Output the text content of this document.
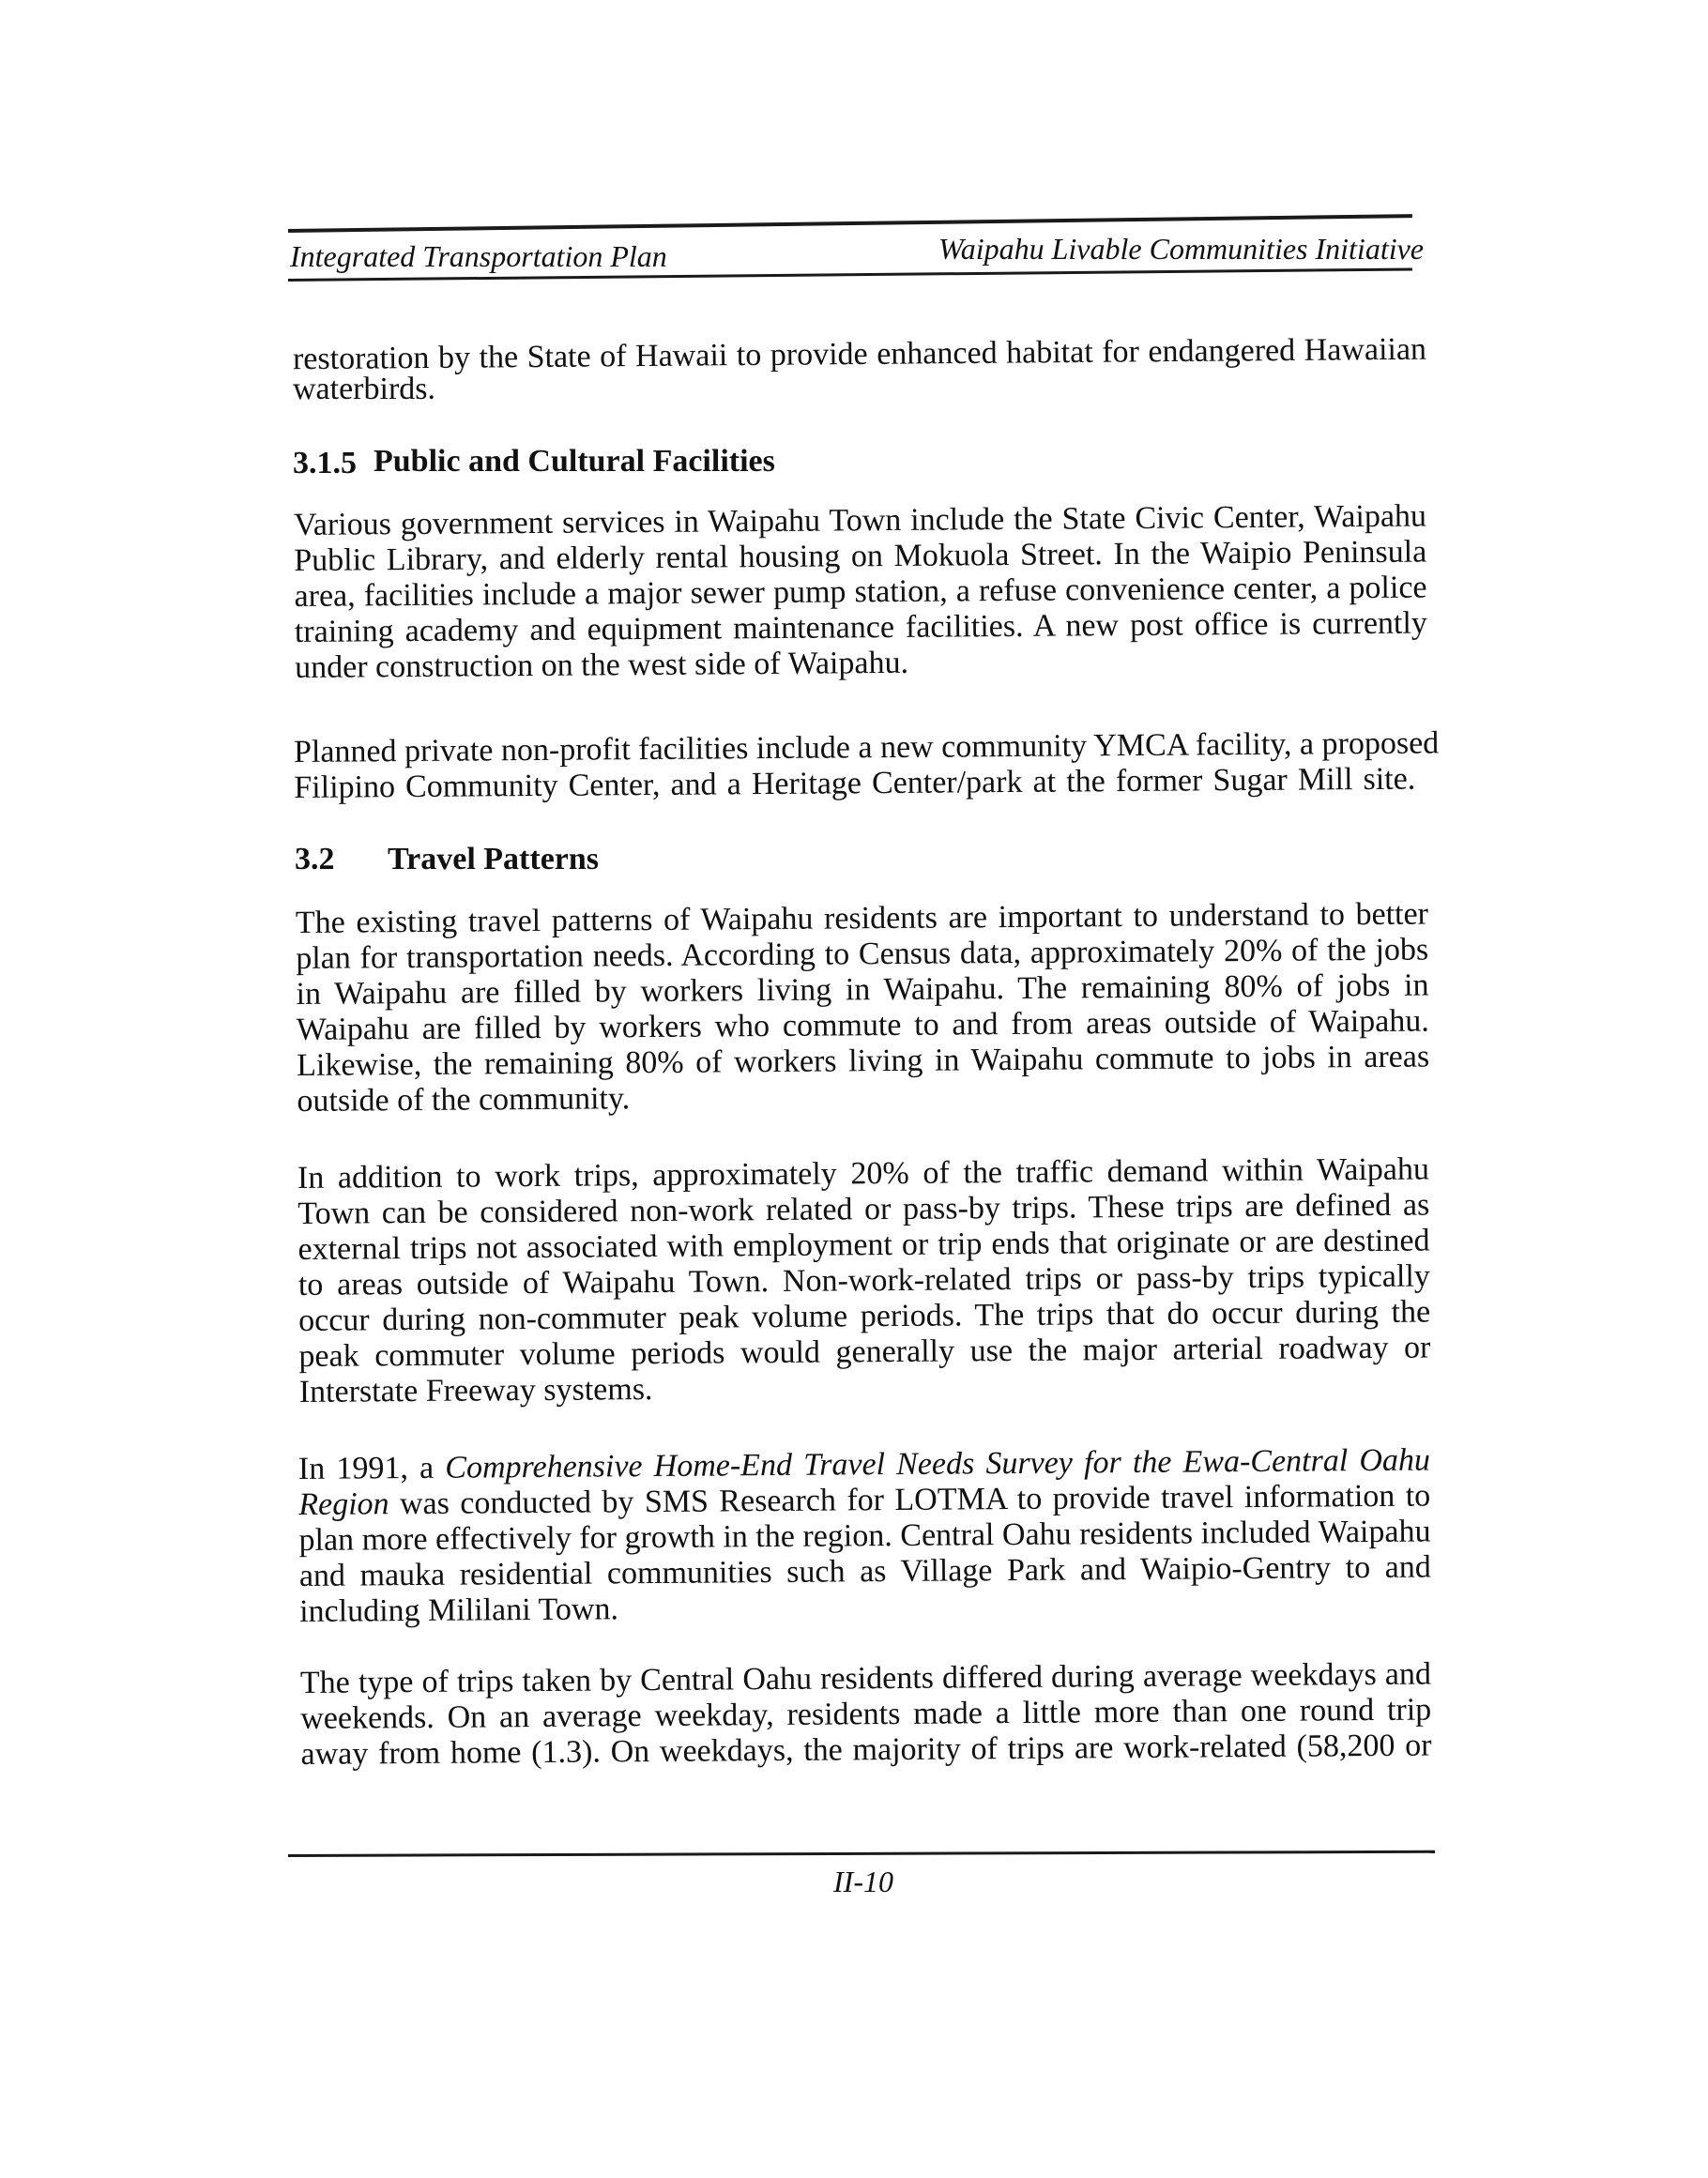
Integrated Transportation Plan	Waipahu Livable Communities Initiative
restoration by the State of Hawaii to provide enhanced habitat for endangered Hawaiian
waterbirds.
3.1.5 Public and Cultural Facilities
Various government services in Waipahu Town include the State Civic Center, Waipahu
Public Library, and elderly rental housing on Mokuola Street. In the Waipio Peninsula
area, facilities include a major sewer pump station, a refuse convenience center, a police
training academy and equipment maintenance facilities. A new post office is currently
under construction on the west side of Waipahu.
Planned private non-profit facilities include a new community YMCA facility, a proposed
Filipino Community Center, and a Heritage Center/park at the former Sugar Mill site.
3.2 Travel Patterns
The existing travel patterns of Waipahu residents are important to understand to better
plan for transportation needs. According to Census data, approximately 20% of the jobs
in Waipahu are filled by workers living in Waipahu. The remaining 80% of jobs in
Waipahu are filled by workers who commute to and from areas outside of Waipahu.
Likewise, the remaining 80% of workers living in Waipahu commute to jobs in areas
outside of the community.
In addition to work trips, approximately 20% of the traffic demand within Waipahu
Town can be considered non-work related or pass-by trips. These trips are defined as
external trips not associated with employment or trip ends that originate or are destined
to areas outside of Waipahu Town. Non-work-related trips or pass-by trips typically
occur during non-commuter peak volume periods. The trips that do occur during the
peak commuter volume periods would generally use the major arterial roadway or
Interstate Freeway systems.
In 1991, a Comprehensive Home-End Travel Needs Survey for the Ewa-Central Oahu
Region was conducted by SMS Research for LOTMA to provide travel information to
plan more effectively for growth in the region. Central Oahu residents included Waipahu
and mauka residential communities such as Village Park and Waipio-Gentry to and
including Mililani Town.
The type of trips taken by Central Oahu residents differed during average weekdays and
weekends. On an average weekday, residents made a little more than one round trip
away from home (1.3). On weekdays, the majority of trips are work-related (58,200 or
II-10
